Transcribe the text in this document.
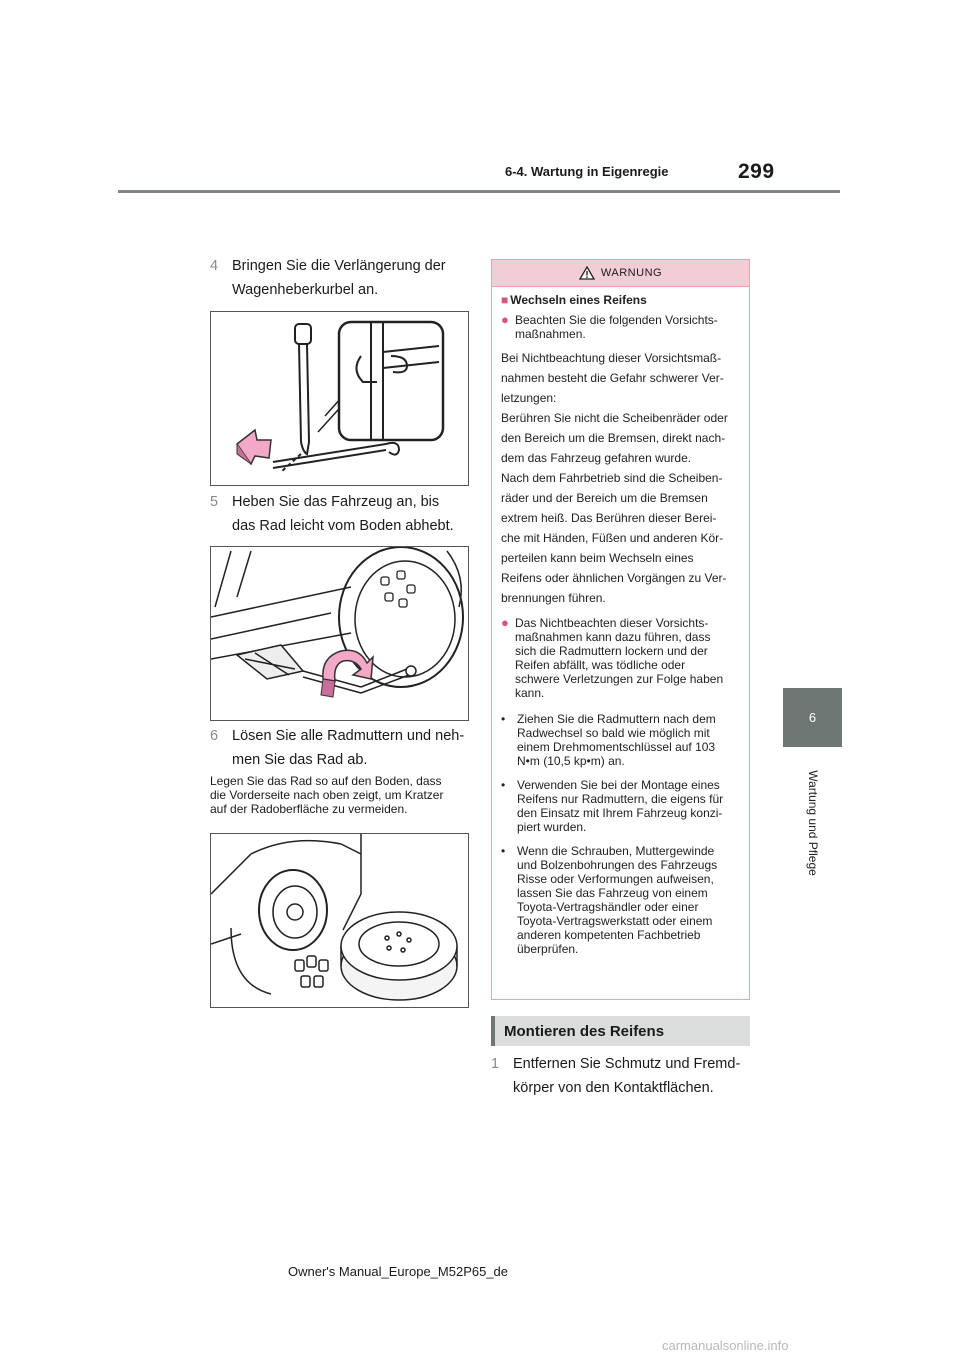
6-4. Wartung in Eigenregie	299
6
Wartung und Pflege
4 Bringen Sie die Verlängerung der
Wagenheberkurbel an.
5 Heben Sie das Fahrzeug an, bis
das Rad leicht vom Boden abhebt.
6 Lösen Sie alle Radmuttern und neh-
men Sie das Rad ab.
Legen Sie das Rad so auf den Boden, dass
die Vorderseite nach oben zeigt, um Kratzer
auf der Radoberfläche zu vermeiden.
WARNUNG
■ Wechseln eines Reifens
● Beachten Sie die folgenden Vorsichts-
maßnahmen.

Bei Nichtbeachtung dieser Vorsichtsmaß-

nahmen besteht die Gefahr schwerer Ver-

letzungen:

Berühren Sie nicht die Scheibenräder oder

den Bereich um die Bremsen, direkt nach-

dem das Fahrzeug gefahren wurde.

Nach dem Fahrbetrieb sind die Scheiben-

räder und der Bereich um die Bremsen

extrem heiß. Das Berühren dieser Berei-

che mit Händen, Füßen und anderen Kör-

perteilen kann beim Wechseln eines

Reifens oder ähnlichen Vorgängen zu Ver-

brennungen führen.

● Das Nichtbeachten dieser Vorsichts-
maßnahmen kann dazu führen, dass
sich die Radmuttern lockern und der
Reifen abfällt, was tödliche oder
schwere Verletzungen zur Folge haben
kann.
• Ziehen Sie die Radmuttern nach dem
Radwechsel so bald wie möglich mit
einem Drehmomentschlüssel auf 103
N•m (10,5 kp•m) an.
• Verwenden Sie bei der Montage eines
Reifens nur Radmuttern, die eigens für
den Einsatz mit Ihrem Fahrzeug konzi-
piert wurden.
• Wenn die Schrauben, Muttergewinde
und Bolzenbohrungen des Fahrzeugs
Risse oder Verformungen aufweisen,
lassen Sie das Fahrzeug von einem
Toyota-Vertragshändler oder einer
Toyota-Vertragswerkstatt oder einem
anderen kompetenten Fachbetrieb
überprüfen.
Montieren des Reifens
1 Entfernen Sie Schmutz und Fremd-
körper von den Kontaktflächen.
Owner's Manual_Europe_M52P65_de
carmanualsonline.info
